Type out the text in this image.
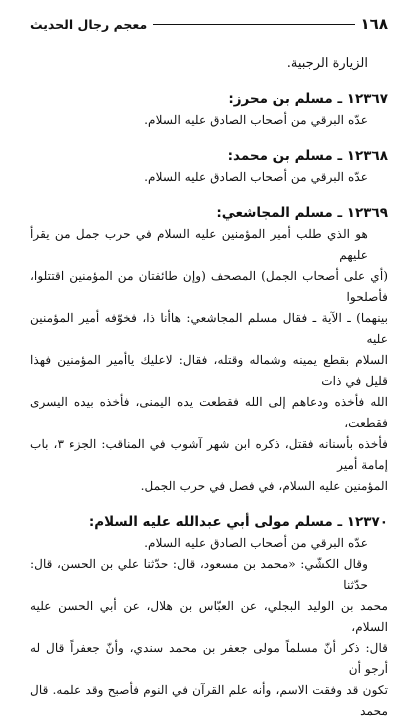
١٦٨
معجم رجال الحديث

الزيارة الرجبية.

١٢٣٦٧ ـ مسلم بن محرز:

عدّه البرقي من أصحاب الصادق عليه السلام.

١٢٣٦٨ ـ مسلم بن محمد:

عدّه البرقي من أصحاب الصادق عليه السلام.

١٢٣٦٩ ـ مسلم المجاشعي:

هو الذي طلب أمير المؤمنين عليه السلام في حرب جمل من يقرأ عليهم

(أي على أصحاب الجمل) المصحف (وإن طائفتان من المؤمنين اقتتلوا، فأصلحوا

بينهما) ـ الآية ـ فقال مسلم المجاشعي: هاأنا ذا، فخوّفه أمير المؤمنين عليه

السلام بقطع يمينه وشماله وقتله، فقال: لاعليك ياأمير المؤمنين فهذا قليل في ذات

الله فأخذه ودعاهم إلى الله فقطعت يده اليمنى، فأخذه بيده اليسرى فقطعت،

فأخذه بأسنانه فقتل، ذكره ابن شهر آشوب في المناقب: الجزء ٣، باب إمامة أمير

المؤمنين عليه السلام، في فصل في حرب الجمل.

١٢٣٧٠ ـ مسلم مولى أبي عبدالله عليه السلام:

عدّه البرقي من أصحاب الصادق عليه السلام.

وقال الكشّي: «محمد بن مسعود، قال: حدّثنا علي بن الحسن، قال: حدّثنا

محمد بن الوليد البجلي، عن العبّاس بن هلال، عن أبي الحسن عليه السلام،

قال: ذكر أنّ مسلماً مولى جعفر بن محمد سندي، وأنّ جعفراً قال له أرجو أن

تكون قد وفقت الاسم، وأنه علم القرآن في النوم فأصبح وقد علمه. قال محمد
